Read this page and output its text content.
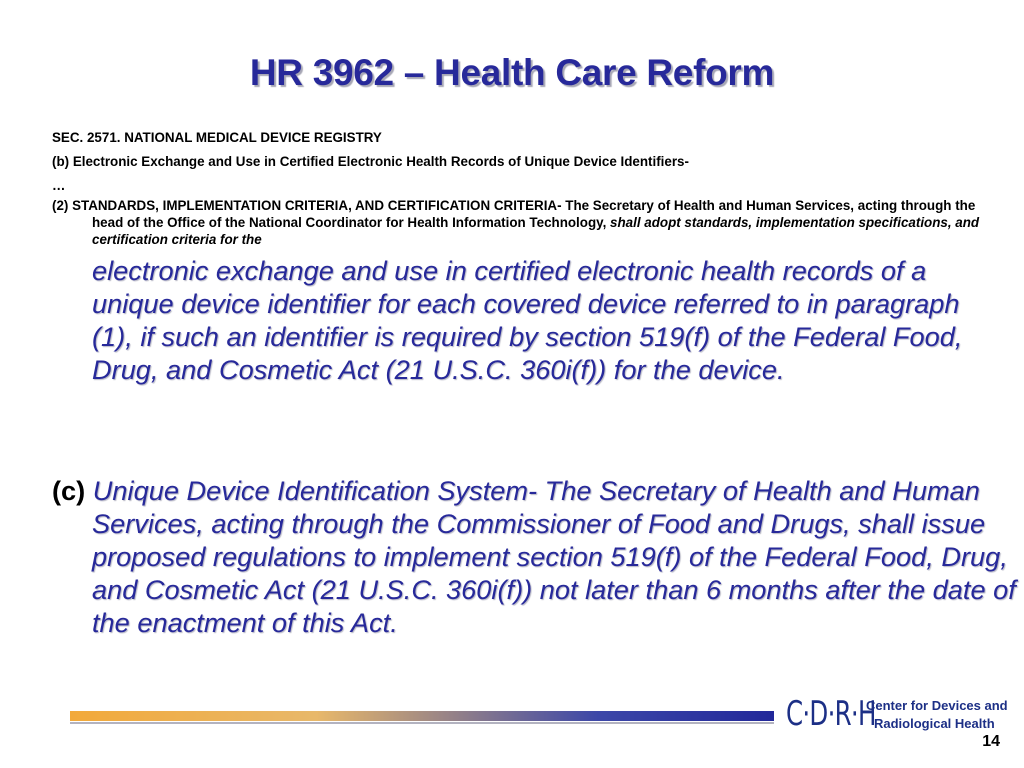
HR 3962 – Health Care Reform
SEC. 2571. NATIONAL MEDICAL DEVICE REGISTRY
(b) Electronic Exchange and Use in Certified Electronic Health Records of Unique Device Identifiers-
…
(2) STANDARDS, IMPLEMENTATION CRITERIA, AND CERTIFICATION CRITERIA- The Secretary of Health and Human Services, acting through the head of the Office of the National Coordinator for Health Information Technology, shall adopt standards, implementation specifications, and certification criteria for the
electronic exchange and use in certified electronic health records of a unique device identifier for each covered device referred to in paragraph (1), if such an identifier is required by section 519(f) of the Federal Food, Drug, and Cosmetic Act (21 U.S.C. 360i(f)) for the device.
(c) Unique Device Identification System- The Secretary of Health and Human Services, acting through the Commissioner of Food and Drugs, shall issue proposed regulations to implement section 519(f) of the Federal Food, Drug, and Cosmetic Act (21 U.S.C. 360i(f)) not later than 6 months after the date of the enactment of this Act.
C·D·R·H
Center for Devices and
Radiological Health
14
